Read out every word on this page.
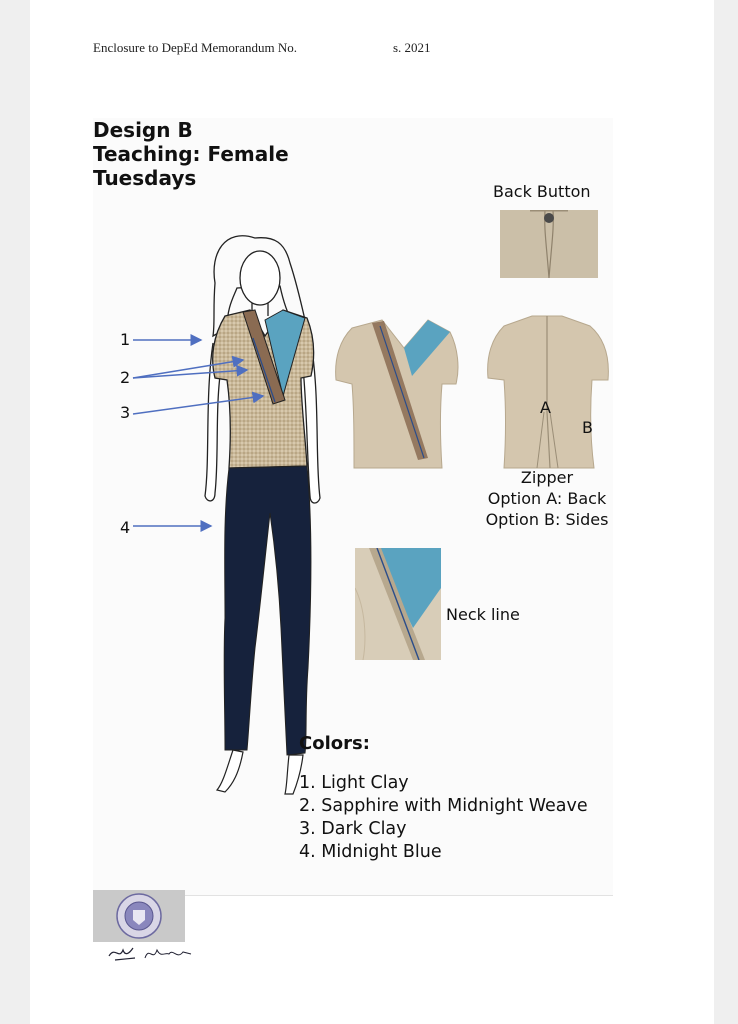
Enclosure to DepEd Memorandum No.	s. 2021
Design B
Teaching: Female
Tuesdays
1
2
3
4
Back Button
A
B
Zipper
Option A: Back
Option B: Sides
Neck line
Colors:
1. Light Clay
2. Sapphire with Midnight Weave
3. Dark Clay
4. Midnight Blue
